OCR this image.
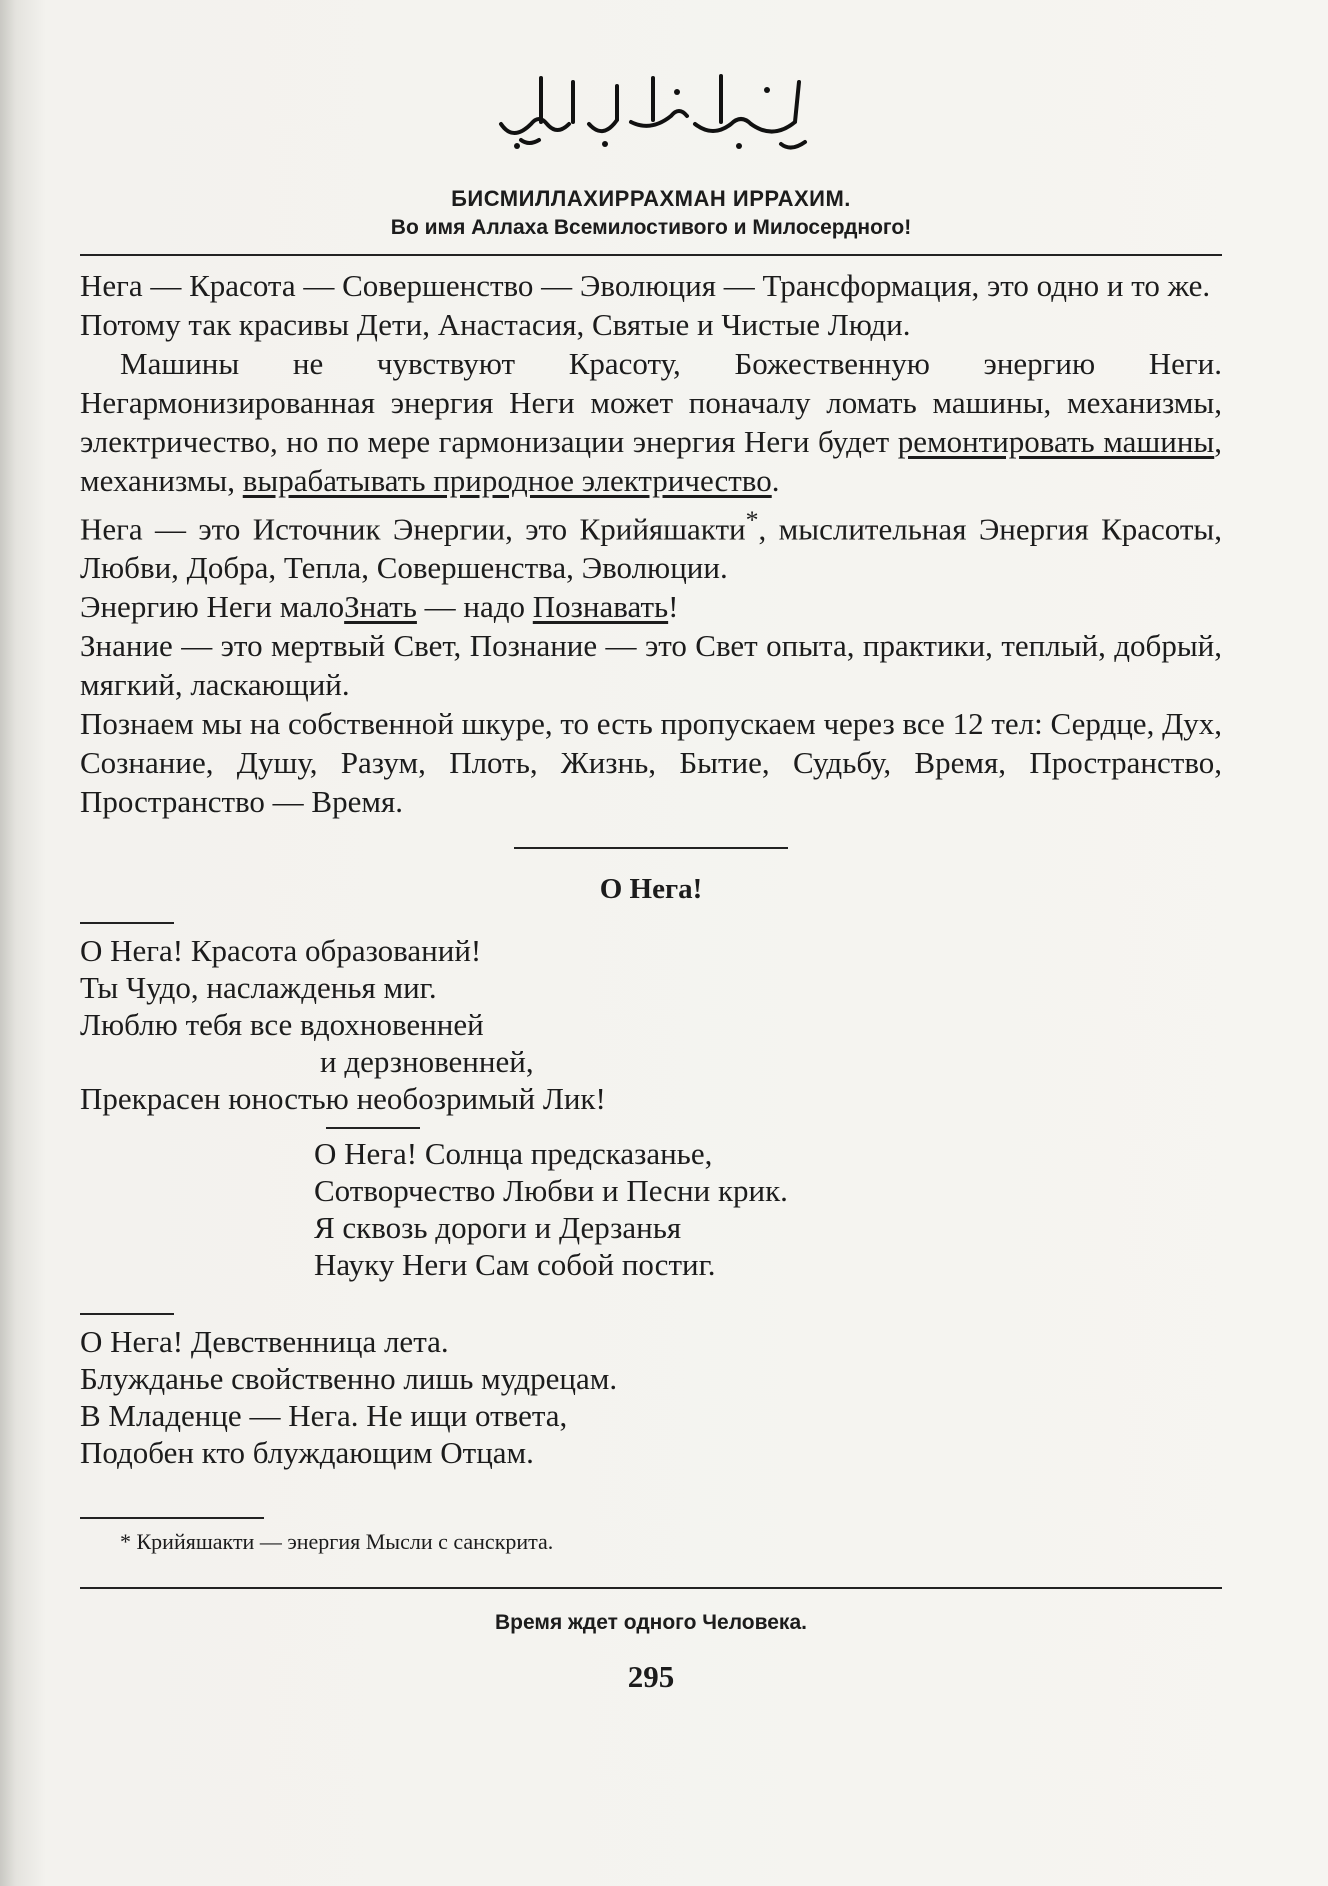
БИСМИЛЛАХИРРАХМАН ИРРАХИМ.
Во имя Аллаха Всемилостивого и Милосердного!

Нега — Красота — Совершенство — Эволюция — Трансформация, это одно и то же.

Потому так красивы Дети, Анастасия, Святые и Чистые Люди.

Машины не чувствуют Красоту, Божественную энергию Неги. Негармонизированная энергия Неги может поначалу ломать машины, механизмы, электричество, но по мере гармонизации энергия Неги будет ремонтировать машины, механизмы, вырабатывать природное электричество.

Нега — это Источник Энергии, это Крийяшакти*, мыслительная Энергия Красоты, Любви, Добра, Тепла, Совершенства, Эволюции.

Энергию Неги малоЗнать — надо Познавать!

Знание — это мертвый Свет, Познание — это Свет опыта, практики, теплый, добрый, мягкий, ласкающий.

Познаем мы на собственной шкуре, то есть пропускаем через все 12 тел: Сердце, Дух, Сознание, Душу, Разум, Плоть, Жизнь, Бытие, Судьбу, Время, Пространство, Пространство — Время.

О Нега!
О Нега! Красота образований!
Ты Чудо, наслажденья миг.
Люблю тебя все вдохновенней
и дерзновенней,
Прекрасен юностью необозримый Лик!
О Нега! Солнца предсказанье,
Сотворчество Любви и Песни крик.
Я сквозь дороги и Дерзанья
Науку Неги Сам собой постиг.
О Нега! Девственница лета.
Блужданье свойственно лишь мудрецам.
В Младенце — Нега. Не ищи ответа,
Подобен кто блуждающим Отцам.
* Крийяшакти — энергия Мысли с санскрита.
Время ждет одного Человека.
295
